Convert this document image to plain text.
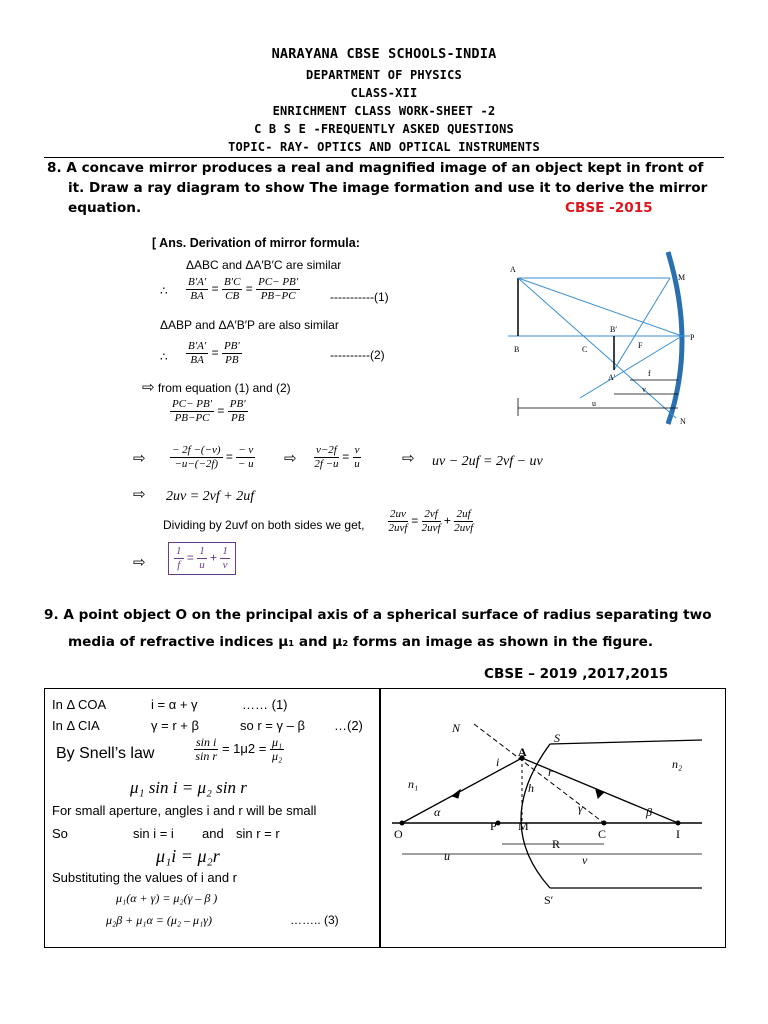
NARAYANA CBSE SCHOOLS-INDIA
DEPARTMENT OF PHYSICS
CLASS-XII
ENRICHMENT CLASS WORK-SHEET -2
C B S E -FREQUENTLY ASKED QUESTIONS
TOPIC- RAY- OPTICS AND OPTICAL INSTRUMENTS
8. A concave mirror produces a real and magnified image of an object kept in front of
it. Draw a ray diagram to show The image formation and use it to derive the mirror
equation.	CBSE -2015
[ Ans. Derivation of mirror formula:
ΔABC and ΔA′B′C are similar
∴ $\frac{B'A'}{BA} = \frac{B'C}{CB} = \frac{PC- PB'}{PB-PC} -----------(1)$
ΔABP and ΔA′B′P are also similar
∴ $\frac{B'A'}{BA} = \frac{PB'}{PB}$	----------(2)
⇨ from equation (1) and (2)
$\frac{PC- PB'}{PB-PC} = \frac{PB'}{PB}$
⇨ $\frac{- 2f -(-v)}{-u-(-2f)} = \frac{- v}{- u}$ ⇨ $\frac{v-2f}{2f -u} = \frac{v}{u}$	⇨ uv − 2uf = 2vf − uv
⇨ 2uv = 2vf + 2uf
Dividing by 2uvf on both sides we get, $\frac{2uv}{\text{2uvf}} = \frac{2vf}{\text{2uvf}} + \frac{2uf}{\text{2uvf}}$
⇨	$\frac{1}{f} = \frac{1}{u} + \frac{1}{v}$
A
M
B′
P
B	C	F
A′
N
f
v
u
9. A point object O on the principal axis of a spherical surface of radius separating two
media of refractive indices μ₁ and μ₂ forms an image as shown in the figure.
CBSE – 2019 ,2017,2015
In Δ COA	i = α + γ	…… (1)
In Δ CIA	γ = r + β	so r = γ – β …(2)
By Snell’s law	$\frac{\text{sin i}}{\text{sin r}} = 1\mu 2 = \frac{\text{μ₁}}{\text{μ₂}}$
μ₁ sin i = μ₂ sin r
For small aperture, angles i and r will be small
So	sin i = i and sin r = r
μ₁i = μ₂r
Substituting the values of i and r
μ₁(α + γ) = μ₂(γ – β )
μ₂β + μ₁α = (μ₂ – μ₁γ)	…….. (3)
N
A
S
n₁
n₂
i
h
r
γ
α	β
O
P M
C	I
R
u	v
S′
